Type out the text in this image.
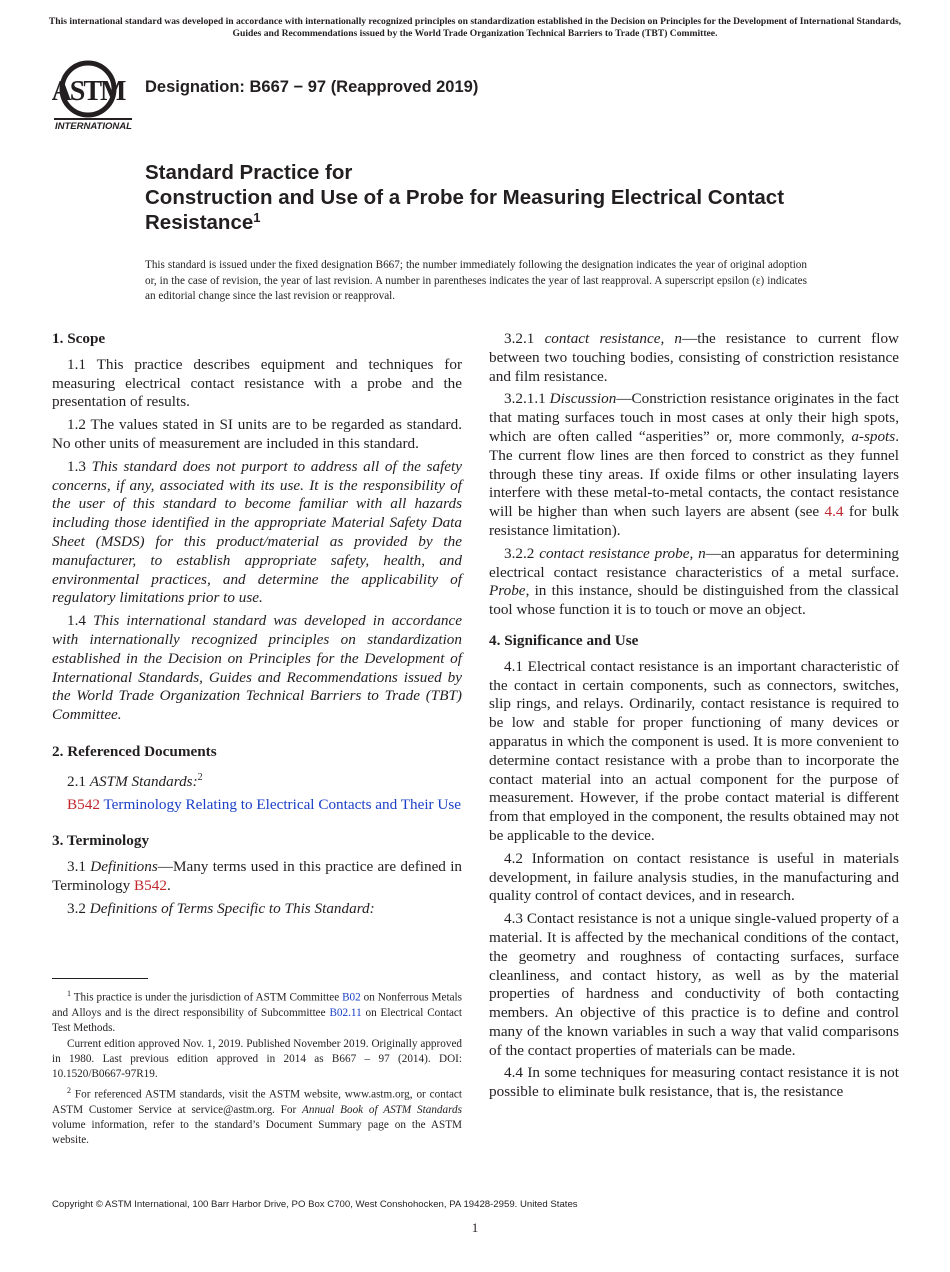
This international standard was developed in accordance with internationally recognized principles on standardization established in the Decision on Principles for the Development of International Standards, Guides and Recommendations issued by the World Trade Organization Technical Barriers to Trade (TBT) Committee.
ASTM
INTERNATIONAL
Designation: B667 − 97 (Reapproved 2019)
Standard Practice for
Construction and Use of a Probe for Measuring Electrical Contact Resistance$^1$
This standard is issued under the fixed designation B667; the number immediately following the designation indicates the year of original adoption or, in the case of revision, the year of last revision. A number in parentheses indicates the year of last reapproval. A superscript epsilon (ε) indicates an editorial change since the last revision or reapproval.
1. Scope

1.1 This practice describes equipment and techniques for measuring electrical contact resistance with a probe and the presentation of results.

1.2 The values stated in SI units are to be regarded as standard. No other units of measurement are included in this standard.

1.3 This standard does not purport to address all of the safety concerns, if any, associated with its use. It is the responsibility of the user of this standard to become familiar with all hazards including those identified in the appropriate Material Safety Data Sheet (MSDS) for this product/material as provided by the manufacturer, to establish appropriate safety, health, and environmental practices, and determine the applicability of regulatory limitations prior to use.

1.4 This international standard was developed in accordance with internationally recognized principles on standardization established in the Decision on Principles for the Development of International Standards, Guides and Recommendations issued by the World Trade Organization Technical Barriers to Trade (TBT) Committee.

2. Referenced Documents

2.1 ASTM Standards:$^2$

B542 Terminology Relating to Electrical Contacts and Their Use

3. Terminology

3.1 Definitions—Many terms used in this practice are defined in Terminology B542.

3.2 Definitions of Terms Specific to This Standard:

$^1$ This practice is under the jurisdiction of ASTM Committee B02 on Nonferrous Metals and Alloys and is the direct responsibility of Subcommittee B02.11 on Electrical Contact Test Methods.

Current edition approved Nov. 1, 2019. Published November 2019. Originally approved in 1980. Last previous edition approved in 2014 as B667 – 97 (2014). DOI: 10.1520/B0667-97R19.

$^2$ For referenced ASTM standards, visit the ASTM website, www.astm.org, or contact ASTM Customer Service at service@astm.org. For Annual Book of ASTM Standards volume information, refer to the standard’s Document Summary page on the ASTM website.

3.2.1 contact resistance, n—the resistance to current flow between two touching bodies, consisting of constriction resistance and film resistance.

3.2.1.1 Discussion—Constriction resistance originates in the fact that mating surfaces touch in most cases at only their high spots, which are often called “asperities” or, more commonly, a-spots. The current flow lines are then forced to constrict as they funnel through these tiny areas. If oxide films or other insulating layers interfere with these metal-to-metal contacts, the contact resistance will be higher than when such layers are absent (see 4.4 for bulk resistance limitation).

3.2.2 contact resistance probe, n—an apparatus for determining electrical contact resistance characteristics of a metal surface. Probe, in this instance, should be distinguished from the classical tool whose function it is to touch or move an object.

4. Significance and Use

4.1 Electrical contact resistance is an important characteristic of the contact in certain components, such as connectors, switches, slip rings, and relays. Ordinarily, contact resistance is required to be low and stable for proper functioning of many devices or apparatus in which the component is used. It is more convenient to determine contact resistance with a probe than to incorporate the contact material into an actual component for the purpose of measurement. However, if the probe contact material is different from that employed in the component, the results obtained may not be applicable to the device.

4.2 Information on contact resistance is useful in materials development, in failure analysis studies, in the manufacturing and quality control of contact devices, and in research.

4.3 Contact resistance is not a unique single-valued property of a material. It is affected by the mechanical conditions of the contact, the geometry and roughness of contacting surfaces, surface cleanliness, and contact history, as well as by the material properties of hardness and conductivity of both contacting members. An objective of this practice is to define and control many of the known variables in such a way that valid comparisons of the contact properties of materials can be made.

4.4 In some techniques for measuring contact resistance it is not possible to eliminate bulk resistance, that is, the resistance

Copyright © ASTM International, 100 Barr Harbor Drive, PO Box C700, West Conshohocken, PA 19428-2959. United States
1
